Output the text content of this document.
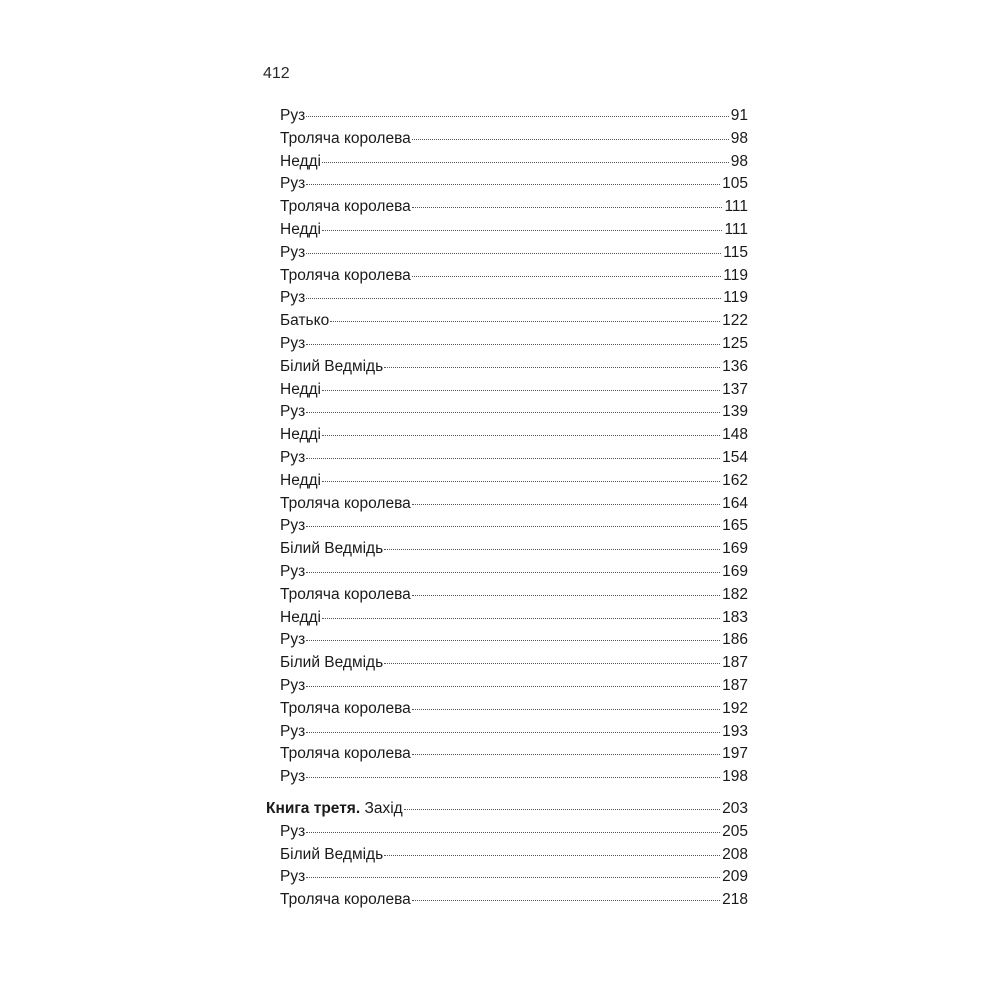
412
Руз	91
Троляча королева	98
Недді	98
Руз	105
Троляча королева	111
Недді	111
Руз	115
Троляча королева	119
Руз	119
Батько	122
Руз	125
Білий Ведмідь	136
Недді	137
Руз	139
Недді	148
Руз	154
Недді	162
Троляча королева	164
Руз	165
Білий Ведмідь	169
Руз	169
Троляча королева	182
Недді	183
Руз	186
Білий Ведмідь	187
Руз	187
Троляча королева	192
Руз	193
Троляча королева	197
Руз	198
Книга третя. Захід	203
Руз	205
Білий Ведмідь	208
Руз	209
Троляча королева	218
